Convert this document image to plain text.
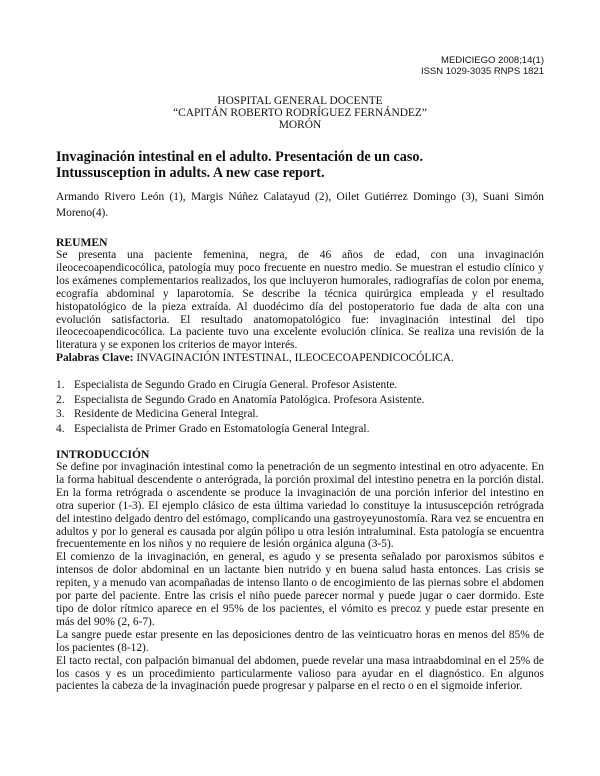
MEDICIEGO 2008;14(1)
ISSN 1029-3035 RNPS 1821
HOSPITAL GENERAL DOCENTE
“CAPITÁN ROBERTO RODRÍGUEZ FERNÁNDEZ”
MORÓN
Invaginación intestinal en el adulto. Presentación de un caso.
Intussusception in adults. A new case report.
Armando Rivero León (1), Margis Núñez Calatayud (2), Oilet Gutiérrez Domingo (3), Suani Simón Moreno(4).
REUMEN

Se presenta una paciente femenina, negra, de 46 años de edad, con una invaginación ileocecoapendicocólica, patología muy poco frecuente en nuestro medio. Se muestran el estudio clínico y los exámenes complementarios realizados, los que incluyeron humorales, radiografías de colon por enema, ecografía abdominal y laparotomía. Se describe la técnica quirúrgica empleada y el resultado histopatológico de la pieza extraída. Al duodécimo día del postoperatorio fue dada de alta con una evolución satisfactoria. El resultado anatomopatológico fue: invaginación intestinal del tipo ileocecoapendicocólica. La paciente tuvo una excelente evolución clínica. Se realiza una revisión de la literatura y se exponen los criterios de mayor interés.

Palabras Clave: INVAGINACIÓN INTESTINAL, ILEOCECOAPENDICOCÓLICA.

1. Especialista de Segundo Grado en Cirugía General. Profesor Asistente.
2. Especialista de Segundo Grado en Anatomía Patológica. Profesora Asistente.
3. Residente de Medicina General Integral.
4. Especialista de Primer Grado en Estomatología General Integral.
INTRODUCCIÓN

Se define por invaginación intestinal como la penetración de un segmento intestinal en otro adyacente. En la forma habitual descendente o anterógrada, la porción proximal del intestino penetra en la porción distal. En la forma retrógrada o ascendente se produce la invaginación de una porción inferior del intestino en otra superior (1-3). El ejemplo clásico de esta última variedad lo constituye la intususcepción retrógrada del intestino delgado dentro del estómago, complicando una gastroyeyunostomía. Rara vez se encuentra en adultos y por lo general es causada por algún pólipo u otra lesión intraluminal. Esta patología se encuentra frecuentemente en los niños y no requiere de lesión orgánica alguna (3-5).

El comienzo de la invaginación, en general, es agudo y se presenta señalado por paroxismos súbitos e intensos de dolor abdominal en un lactante bien nutrido y en buena salud hasta entonces. Las crisis se repiten, y a menudo van acompañadas de intenso llanto o de encogimiento de las piernas sobre el abdomen por parte del paciente. Entre las crisis el niño puede parecer normal y puede jugar o caer dormido. Este tipo de dolor rítmico aparece en el 95% de los pacientes, el vómito es precoz y puede estar presente en más del 90% (2, 6-7).

La sangre puede estar presente en las deposiciones dentro de las veinticuatro horas en menos del 85% de los pacientes (8-12).

El tacto rectal, con palpación bimanual del abdomen, puede revelar una masa intraabdominal en el 25% de los casos y es un procedimiento particularmente valioso para ayudar en el diagnóstico. En algunos pacientes la cabeza de la invaginación puede progresar y palparse en el recto o en el sigmoide inferior.
